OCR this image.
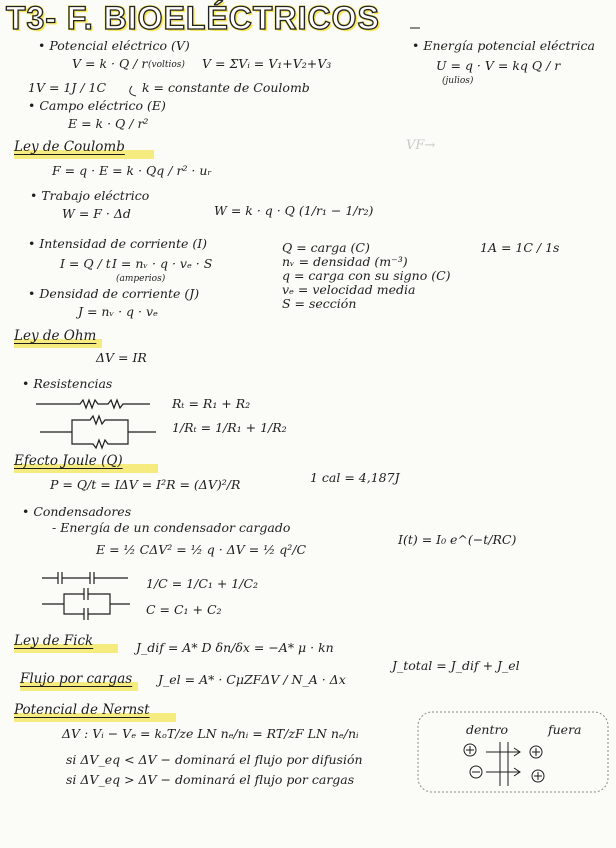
T3- F. BIOELÉCTRICOS
• Potencial eléctrico (V)
V = k · Q / r (voltios) V = ΣVᵢ = V₁+V₂+V₃
1V = 1J / 1C	k = constante de Coulomb
• Energía potencial eléctrica
U = q · V = kq Q / r
(julios)
• Campo eléctrico (E)
E = k · Q / r²
Ley de Coulomb
F = q · E = k · Qq / r² · uᵣ
VF→
• Trabajo eléctrico
W = F · Δd	W = k · q · Q (1/r₁ − 1/r₂)
• Intensidad de corriente (I)
I = Q / t
(amperios)
I = nᵥ · q · vₑ · S
Q = carga (C)
nᵥ = densidad (m⁻³)
q = carga con su signo (C)
vₑ = velocidad media
S = sección
1A = 1C / 1s
• Densidad de corriente (J)
J = nᵥ · q · vₑ
Ley de Ohm
ΔV = IR
• Resistencias
Rₜ = R₁ + R₂
1/Rₜ = 1/R₁ + 1/R₂
Efecto Joule (Q)
P = Q/t = IΔV = I²R = (ΔV)²/R	1 cal = 4,187J
• Condensadores
- Energía de un condensador cargado
E = ½ CΔV² = ½ q · ΔV = ½ q²/C
I(t) = I₀ e^(−t/RC)
1/C = 1/C₁ + 1/C₂
C = C₁ + C₂
Ley de Fick	J_dif = A* D δn/δx = −A* μ · kn
Flujo por cargas J_el = A* · CμZFΔV / N_A · Δx
J_total = J_dif + J_el
Potencial de Nernst
ΔV : Vᵢ − Vₑ = kₒT/ze LN nₑ/nᵢ = RT/zF LN nₑ/nᵢ
si ΔV_eq < ΔV − dominará el flujo por difusión
si ΔV_eq > ΔV − dominará el flujo por cargas
dentro	fuera
